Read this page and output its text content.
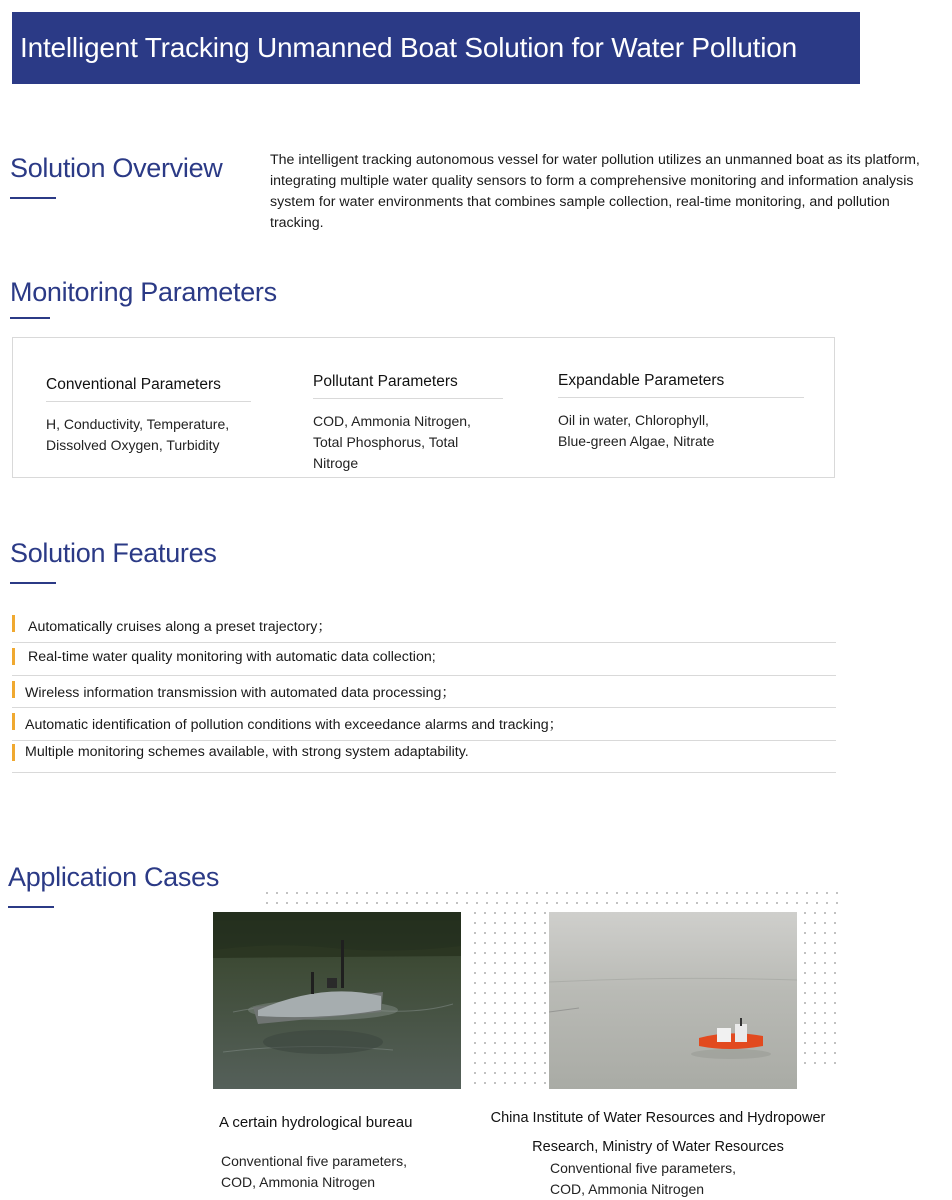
Intelligent Tracking Unmanned Boat Solution for Water Pollution
Solution Overview	The intelligent tracking autonomous vessel for water pollution utilizes an unmanned boat as its platform, integrating multiple water quality sensors to form a comprehensive monitoring and information analysis system for water environments that combines sample collection, real-time monitoring, and pollution tracking.
Monitoring Parameters
Conventional Parameters
H, Conductivity, Temperature,
Dissolved Oxygen, Turbidity
Pollutant Parameters
COD, Ammonia Nitrogen,
Total Phosphorus, Total Nitroge
Expandable Parameters
Oil in water, Chlorophyll,
Blue-green Algae, Nitrate
Solution Features
Automatically cruises along a preset trajectory；
Real-time water quality monitoring with automatic data collection;
Wireless information transmission with automated data processing；
Automatic identification of pollution conditions with exceedance alarms and tracking；
Multiple monitoring schemes available, with strong system adaptability.
Application Cases
A certain hydrological bureau
Conventional five parameters,
COD, Ammonia Nitrogen
China Institute of Water Resources and Hydropower
Research, Ministry of Water Resources
Conventional five parameters,
COD, Ammonia Nitrogen
